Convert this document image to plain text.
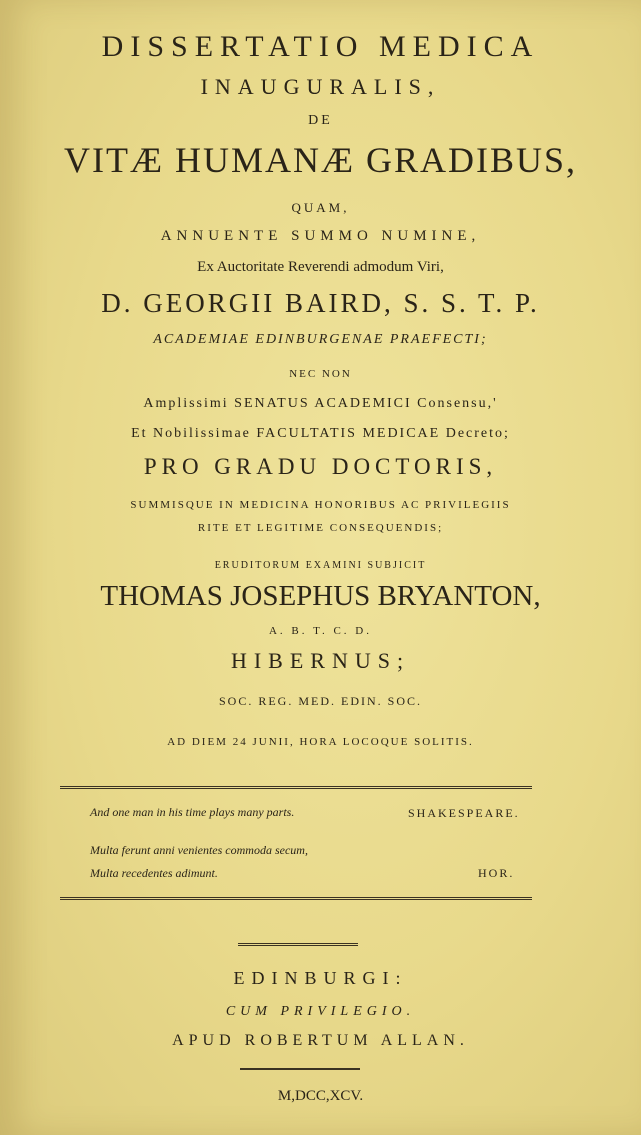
DISSERTATIO MEDICA
INAUGURALIS,
DE
VITÆ HUMANÆ GRADIBUS,
QUAM,
ANNUENTE SUMMO NUMINE,
Ex Auctoritate Reverendi admodum Viri,
D. GEORGII BAIRD, S. S. T. P.
ACADEMIAE EDINBURGENAE PRAEFECTI;
NEC NON
Amplissimi SENATUS ACADEMICI Consensu,'
Et Nobilissimae FACULTATIS MEDICAE Decreto;
PRO GRADU DOCTORIS,
SUMMISQUE IN MEDICINA HONORIBUS AC PRIVILEGIIS
RITE ET LEGITIME CONSEQUENDIS;
ERUDITORUM EXAMINI SUBJICIT
THOMAS JOSEPHUS BRYANTON,
A. B. T. C. D.
HIBERNUS;
SOC. REG. MED. EDIN. SOC.
AD DIEM 24 JUNII, HORA LOCOQUE SOLITIS.
And one man in his time plays many parts.	SHAKESPEARE.
Multa ferunt anni venientes commoda secum,
Multa recedentes adimunt.	HOR.
EDINBURGI:
CUM PRIVILEGIO.
APUD ROBERTUM ALLAN.
M,DCC,XCV.
